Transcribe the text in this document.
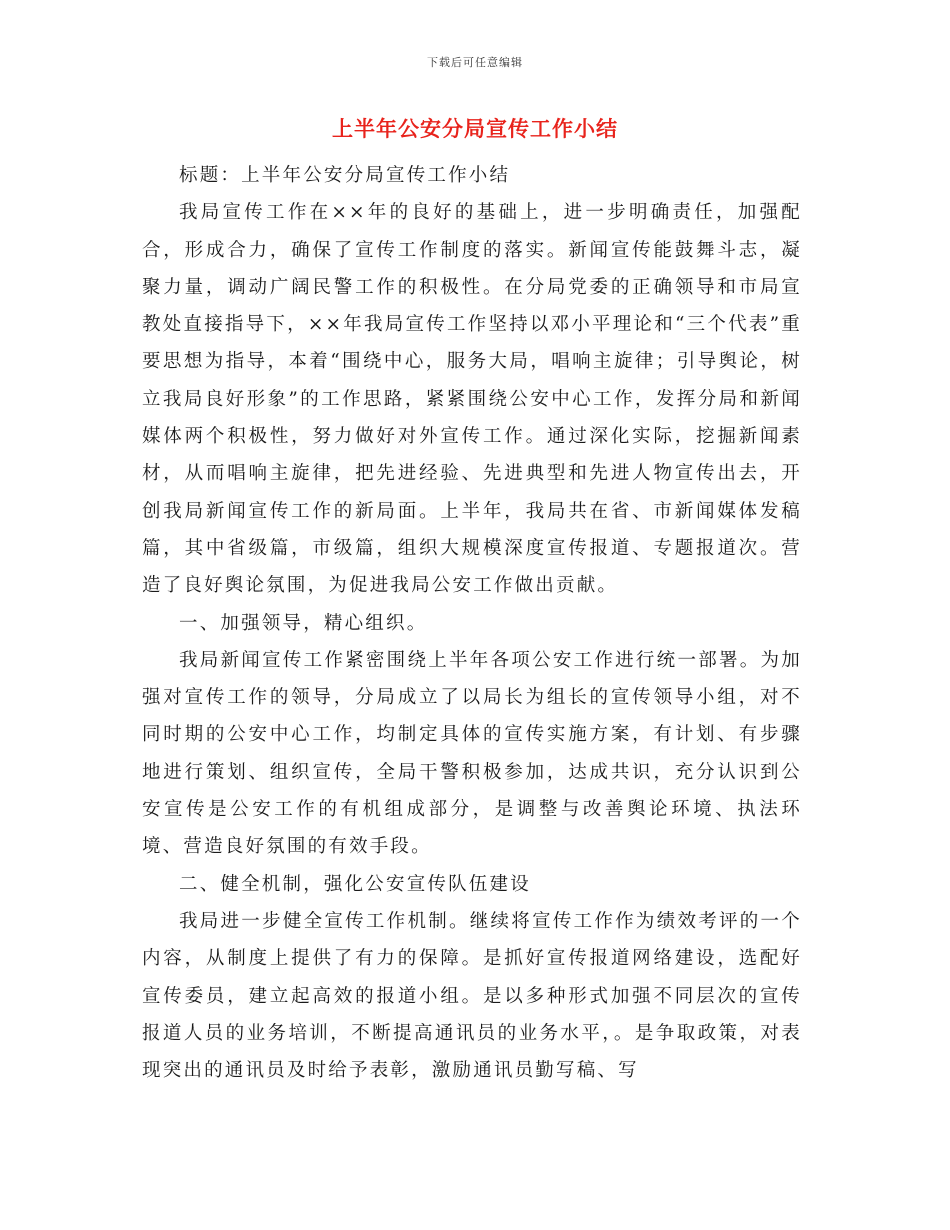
下载后可任意编辑
上半年公安分局宣传工作小结

标题：上半年公安分局宣传工作小结

我局宣传工作在××年的良好的基础上，进一步明确责任，加强配合，形成合力，确保了宣传工作制度的落实。新闻宣传能鼓舞斗志，凝聚力量，调动广阔民警工作的积极性。在分局党委的正确领导和市局宣教处直接指导下，××年我局宣传工作坚持以邓小平理论和“三个代表”重要思想为指导，本着“围绕中心，服务大局，唱响主旋律；引导舆论，树立我局良好形象”的工作思路，紧紧围绕公安中心工作，发挥分局和新闻媒体两个积极性，努力做好对外宣传工作。通过深化实际，挖掘新闻素材，从而唱响主旋律，把先进经验、先进典型和先进人物宣传出去，开创我局新闻宣传工作的新局面。上半年，我局共在省、市新闻媒体发稿篇，其中省级篇，市级篇，组织大规模深度宣传报道、专题报道次。营造了良好舆论氛围，为促进我局公安工作做出贡献。

一、加强领导，精心组织。

我局新闻宣传工作紧密围绕上半年各项公安工作进行统一部署。为加强对宣传工作的领导，分局成立了以局长为组长的宣传领导小组，对不同时期的公安中心工作，均制定具体的宣传实施方案，有计划、有步骤地进行策划、组织宣传，全局干警积极参加，达成共识，充分认识到公安宣传是公安工作的有机组成部分，是调整与改善舆论环境、执法环境、营造良好氛围的有效手段。

二、健全机制，强化公安宣传队伍建设

我局进一步健全宣传工作机制。继续将宣传工作作为绩效考评的一个内容，从制度上提供了有力的保障。是抓好宣传报道网络建设，选配好宣传委员，建立起高效的报道小组。是以多种形式加强不同层次的宣传报道人员的业务培训，不断提高通讯员的业务水平，。是争取政策，对表现突出的通讯员及时给予表彰，激励通讯员勤写稿、写
